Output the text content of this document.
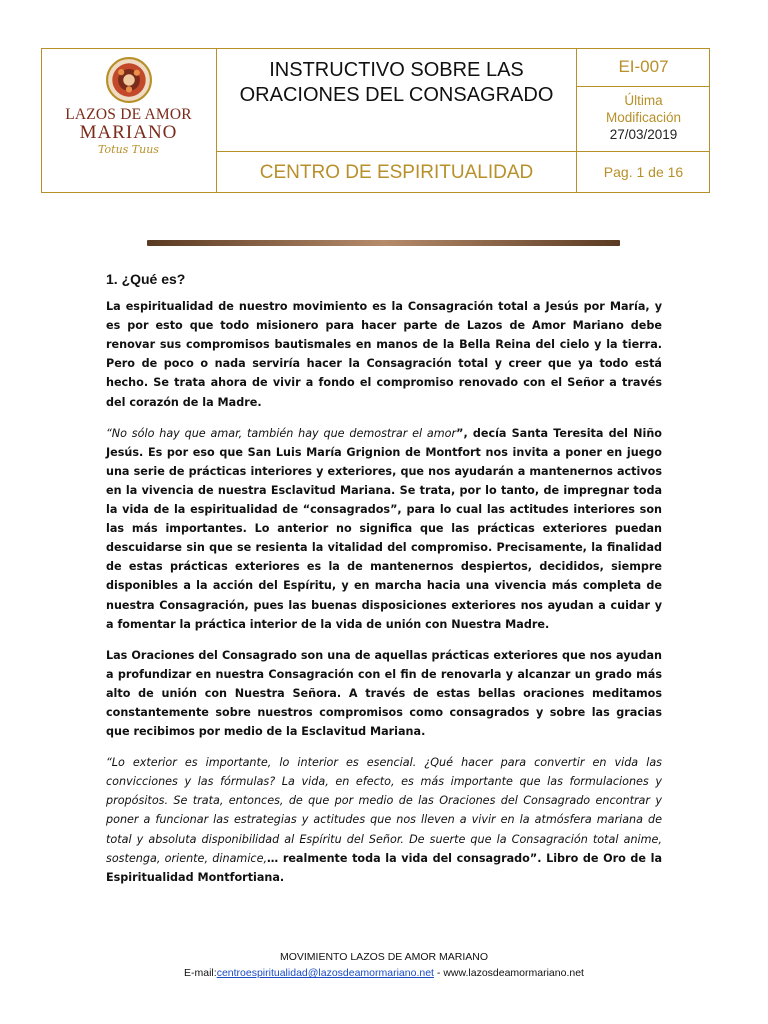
LAZOS DE AMOR
MARIANO
Totus Tuus
INSTRUCTIVO SOBRE LAS
ORACIONES DEL CONSAGRADO
EI-007
Última
Modificación
27/03/2019
CENTRO DE ESPIRITUALIDAD	Pag. 1 de 16
1. ¿Qué es?

La espiritualidad de nuestro movimiento es la Consagración total a Jesús por María, y es por esto que todo misionero para hacer parte de Lazos de Amor Mariano debe renovar sus compromisos bautismales en manos de la Bella Reina del cielo y la tierra. Pero de poco o nada serviría hacer la Consagración total y creer que ya todo está hecho. Se trata ahora de vivir a fondo el compromiso renovado con el Señor a través del corazón de la Madre.

“No sólo hay que amar, también hay que demostrar el amor”, decía Santa Teresita del Niño Jesús. Es por eso que San Luis María Grignion de Montfort nos invita a poner en juego una serie de prácticas interiores y exteriores, que nos ayudarán a mantenernos activos en la vivencia de nuestra Esclavitud Mariana. Se trata, por lo tanto, de impregnar toda la vida de la espiritualidad de “consagrados”, para lo cual las actitudes interiores son las más importantes. Lo anterior no significa que las prácticas exteriores puedan descuidarse sin que se resienta la vitalidad del compromiso. Precisamente, la finalidad de estas prácticas exteriores es la de mantenernos despiertos, decididos, siempre disponibles a la acción del Espíritu, y en marcha hacia una vivencia más completa de nuestra Consagración, pues las buenas disposiciones exteriores nos ayudan a cuidar y a fomentar la práctica interior de la vida de unión con Nuestra Madre.

Las Oraciones del Consagrado son una de aquellas prácticas exteriores que nos ayudan a profundizar en nuestra Consagración con el fin de renovarla y alcanzar un grado más alto de unión con Nuestra Señora. A través de estas bellas oraciones meditamos constantemente sobre nuestros compromisos como consagrados y sobre las gracias que recibimos por medio de la Esclavitud Mariana.

“Lo exterior es importante, lo interior es esencial. ¿Qué hacer para convertir en vida las convicciones y las fórmulas? La vida, en efecto, es más importante que las formulaciones y propósitos. Se trata, entonces, de que por medio de las Oraciones del Consagrado encontrar y poner a funcionar las estrategias y actitudes que nos lleven a vivir en la atmósfera mariana de total y absoluta disponibilidad al Espíritu del Señor. De suerte que la Consagración total anime, sostenga, oriente, dinamice,… realmente toda la vida del consagrado”. Libro de Oro de la Espiritualidad Montfortiana.

MOVIMIENTO LAZOS DE AMOR MARIANO
E-mail:centroespiritualidad@lazosdeamormariano.net - www.lazosdeamormariano.net
